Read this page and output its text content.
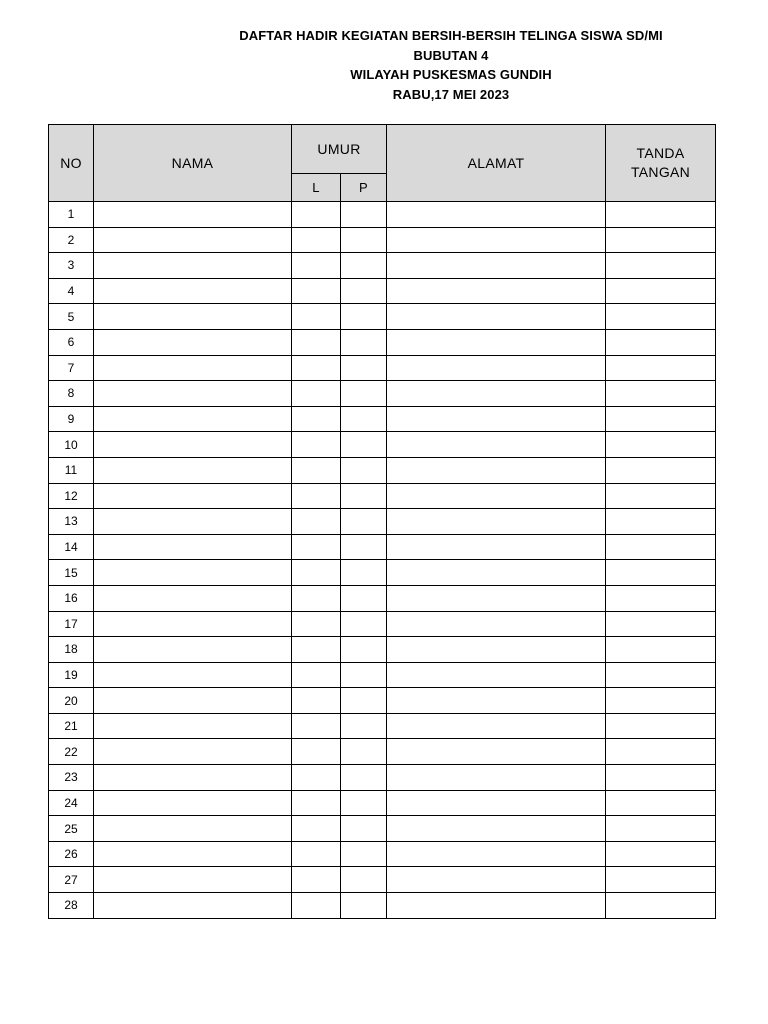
DAFTAR HADIR KEGIATAN BERSIH-BERSIH TELINGA SISWA SD/MI
BUBUTAN 4
WILAYAH PUSKESMAS GUNDIH
RABU,17 MEI 2023
NO	NAMA	UMUR		ALAMAT	TANDA
TANGAN

		L	P		
1					
2					
3					
4					
5					
6					
7					
8					
9					
10					
11					
12					
13					
14					
15					
16					
17					
18					
19					
20					
21					
22					
23					
24					
25					
26					
27					
28					
